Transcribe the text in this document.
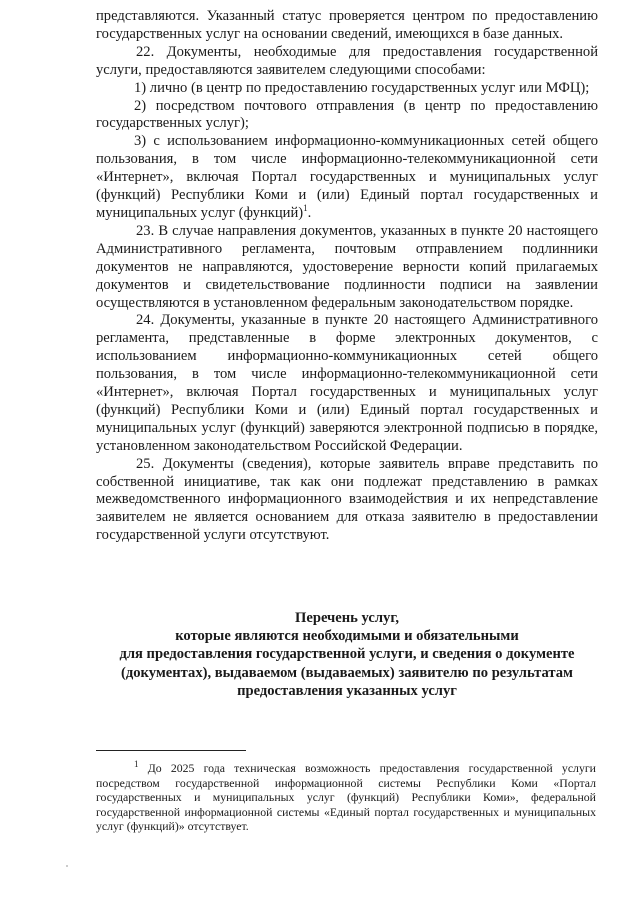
представляются. Указанный статус проверяется центром по предоставлению государственных услуг на основании сведений, имеющихся в базе данных.

22. Документы, необходимые для предоставления государственной услуги, предоставляются заявителем следующими способами:

1) лично (в центр по предоставлению государственных услуг или МФЦ);

2) посредством почтового отправления (в центр по предоставлению государственных услуг);

3) с использованием информационно-коммуникационных сетей общего пользования, в том числе информационно-телекоммуникационной сети «Интернет», включая Портал государственных и муниципальных услуг (функций) Республики Коми и (или) Единый портал государственных и муниципальных услуг (функций)$^1$.

23. В случае направления документов, указанных в пункте 20 настоящего Административного регламента, почтовым отправлением подлинники документов не направляются, удостоверение верности копий прилагаемых документов и свидетельствование подлинности подписи на заявлении осуществляются в установленном федеральным законодательством порядке.

24. Документы, указанные в пункте 20 настоящего Административного регламента, представленные в форме электронных документов, с использованием информационно-коммуникационных сетей общего пользования, в том числе информационно-телекоммуникационной сети «Интернет», включая Портал государственных и муниципальных услуг (функций) Республики Коми и (или) Единый портал государственных и муниципальных услуг (функций) заверяются электронной подписью в порядке, установленном законодательством Российской Федерации.

25. Документы (сведения), которые заявитель вправе представить по собственной инициативе, так как они подлежат представлению в рамках межведомственного информационного взаимодействия и их непредставление заявителем не является основанием для отказа заявителю в предоставлении государственной услуги отсутствуют.

Перечень услуг,
которые являются необходимыми и обязательными
для предоставления государственной услуги, и сведения о документе
(документах), выдаваемом (выдаваемых) заявителю по результатам
предоставления указанных услуг

$^1$ До 2025 года техническая возможность предоставления государственной услуги посредством государственной информационной системы Республики Коми «Портал государственных и муниципальных услуг (функций) Республики Коми», федеральной государственной информационной системы «Единый портал государственных и муниципальных услуг (функций)» отсутствует.
